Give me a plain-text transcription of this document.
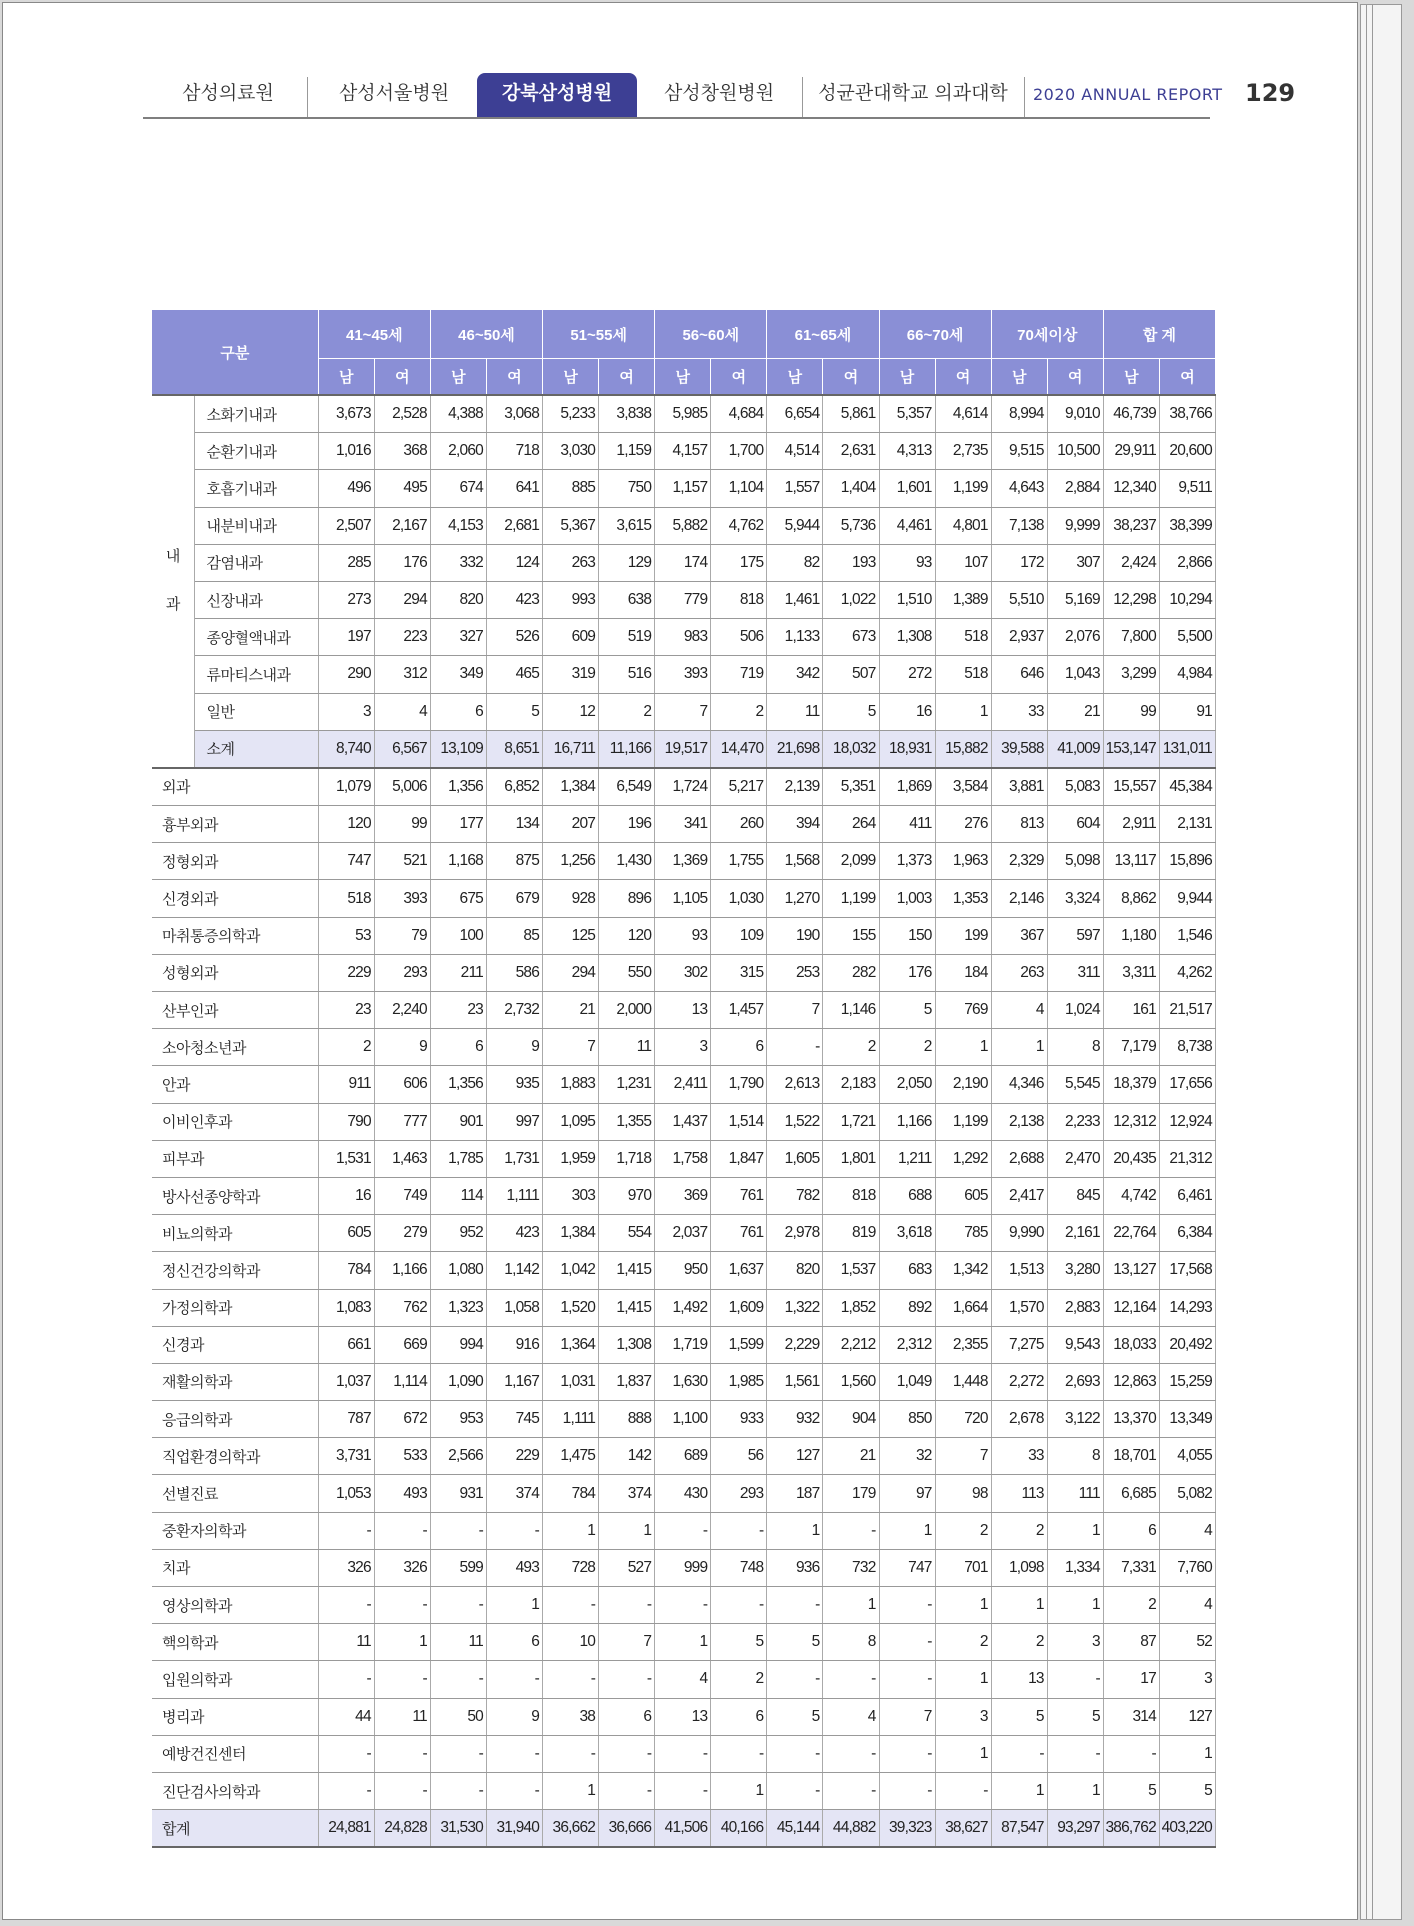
삼성의료원	삼성서울병원	강북삼성병원	삼성창원병원	성균관대학교 의과대학	2020 ANNUAL REPORT 129
구분		41~45세		46~50세		51~55세		56~60세		61~65세		66~70세		70세이상		합 계	
		남	여	남	여	남	여	남	여	남	여	남	여	남	여	남	여

내
과	소화기내과	3,673	2,528	4,388	3,068	5,233	3,838	5,985	4,684	6,654	5,861	5,357	4,614	8,994	9,010	46,739	38,766
	순환기내과	1,016	368	2,060	718	3,030	1,159	4,157	1,700	4,514	2,631	4,313	2,735	9,515	10,500	29,911	20,600
	호흡기내과	496	495	674	641	885	750	1,157	1,104	1,557	1,404	1,601	1,199	4,643	2,884	12,340	9,511
	내분비내과	2,507	2,167	4,153	2,681	5,367	3,615	5,882	4,762	5,944	5,736	4,461	4,801	7,138	9,999	38,237	38,399
	감염내과	285	176	332	124	263	129	174	175	82	193	93	107	172	307	2,424	2,866
	신장내과	273	294	820	423	993	638	779	818	1,461	1,022	1,510	1,389	5,510	5,169	12,298	10,294
	종양혈액내과	197	223	327	526	609	519	983	506	1,133	673	1,308	518	2,937	2,076	7,800	5,500
	류마티스내과	290	312	349	465	319	516	393	719	342	507	272	518	646	1,043	3,299	4,984
	일반	3	4	6	5	12	2	7	2	11	5	16	1	33	21	99	91
	소계	8,740	6,567	13,109	8,651	16,711	11,166	19,517	14,470	21,698	18,032	18,931	15,882	39,588	41,009	153,147	131,011
외과		1,079	5,006	1,356	6,852	1,384	6,549	1,724	5,217	2,139	5,351	1,869	3,584	3,881	5,083	15,557	45,384
흉부외과		120	99	177	134	207	196	341	260	394	264	411	276	813	604	2,911	2,131
정형외과		747	521	1,168	875	1,256	1,430	1,369	1,755	1,568	2,099	1,373	1,963	2,329	5,098	13,117	15,896
신경외과		518	393	675	679	928	896	1,105	1,030	1,270	1,199	1,003	1,353	2,146	3,324	8,862	9,944
마취통증의학과		53	79	100	85	125	120	93	109	190	155	150	199	367	597	1,180	1,546
성형외과		229	293	211	586	294	550	302	315	253	282	176	184	263	311	3,311	4,262
산부인과		23	2,240	23	2,732	21	2,000	13	1,457	7	1,146	5	769	4	1,024	161	21,517
소아청소년과		2	9	6	9	7	11	3	6	-	2	2	1	1	8	7,179	8,738
안과		911	606	1,356	935	1,883	1,231	2,411	1,790	2,613	2,183	2,050	2,190	4,346	5,545	18,379	17,656
이비인후과		790	777	901	997	1,095	1,355	1,437	1,514	1,522	1,721	1,166	1,199	2,138	2,233	12,312	12,924
피부과		1,531	1,463	1,785	1,731	1,959	1,718	1,758	1,847	1,605	1,801	1,211	1,292	2,688	2,470	20,435	21,312
방사선종양학과		16	749	114	1,111	303	970	369	761	782	818	688	605	2,417	845	4,742	6,461
비뇨의학과		605	279	952	423	1,384	554	2,037	761	2,978	819	3,618	785	9,990	2,161	22,764	6,384
정신건강의학과		784	1,166	1,080	1,142	1,042	1,415	950	1,637	820	1,537	683	1,342	1,513	3,280	13,127	17,568
가정의학과		1,083	762	1,323	1,058	1,520	1,415	1,492	1,609	1,322	1,852	892	1,664	1,570	2,883	12,164	14,293
신경과		661	669	994	916	1,364	1,308	1,719	1,599	2,229	2,212	2,312	2,355	7,275	9,543	18,033	20,492
재활의학과		1,037	1,114	1,090	1,167	1,031	1,837	1,630	1,985	1,561	1,560	1,049	1,448	2,272	2,693	12,863	15,259
응급의학과		787	672	953	745	1,111	888	1,100	933	932	904	850	720	2,678	3,122	13,370	13,349
직업환경의학과		3,731	533	2,566	229	1,475	142	689	56	127	21	32	7	33	8	18,701	4,055
선별진료		1,053	493	931	374	784	374	430	293	187	179	97	98	113	111	6,685	5,082
중환자의학과		-	-	-	-	1	1	-	-	1	-	1	2	2	1	6	4
치과		326	326	599	493	728	527	999	748	936	732	747	701	1,098	1,334	7,331	7,760
영상의학과		-	-	-	1	-	-	-	-	-	1	-	1	1	1	2	4
핵의학과		11	1	11	6	10	7	1	5	5	8	-	2	2	3	87	52
입원의학과		-	-	-	-	-	-	4	2	-	-	-	1	13	-	17	3
병리과		44	11	50	9	38	6	13	6	5	4	7	3	5	5	314	127
예방건진센터		-	-	-	-	-	-	-	-	-	-	-	1	-	-	-	1
진단검사의학과		-	-	-	-	1	-	-	1	-	-	-	-	1	1	5	5
합계		24,881	24,828	31,530	31,940	36,662	36,666	41,506	40,166	45,144	44,882	39,323	38,627	87,547	93,297	386,762	403,220
